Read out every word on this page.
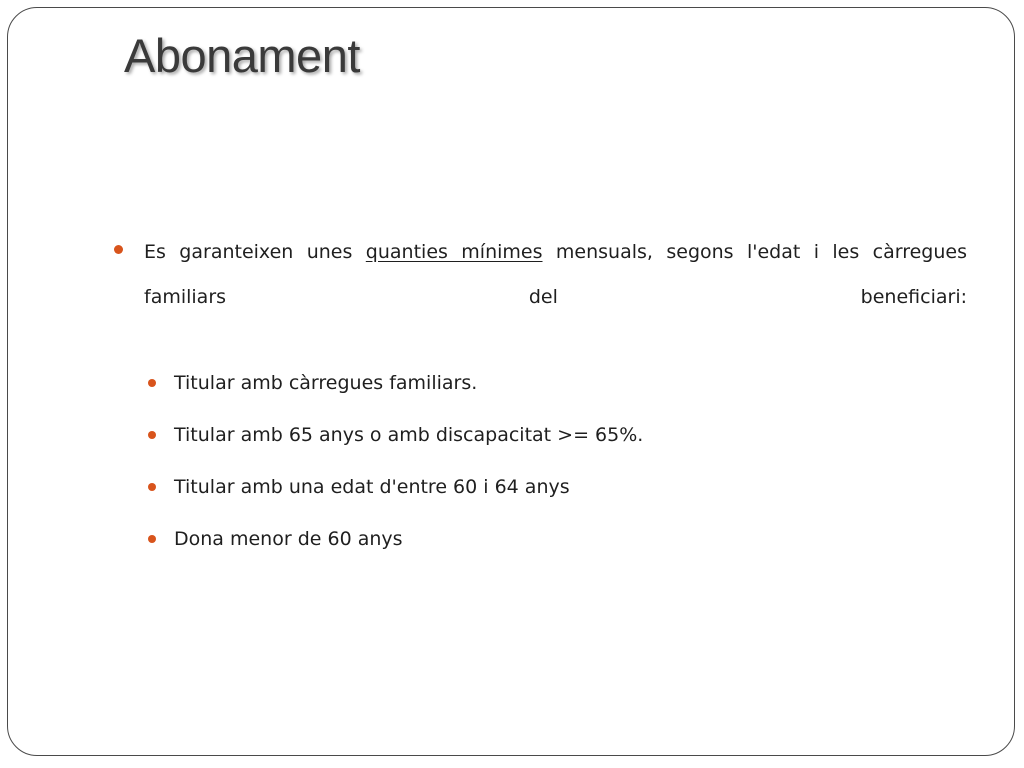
Abonament

Es garanteixen unes quanties mínimes mensuals, segons l'edat i les càrregues familiars del beneficiari:

Titular amb càrregues familiars.
Titular amb 65 anys o amb discapacitat >= 65%.
Titular amb una edat d'entre 60 i 64 anys
Dona menor de 60 anys
